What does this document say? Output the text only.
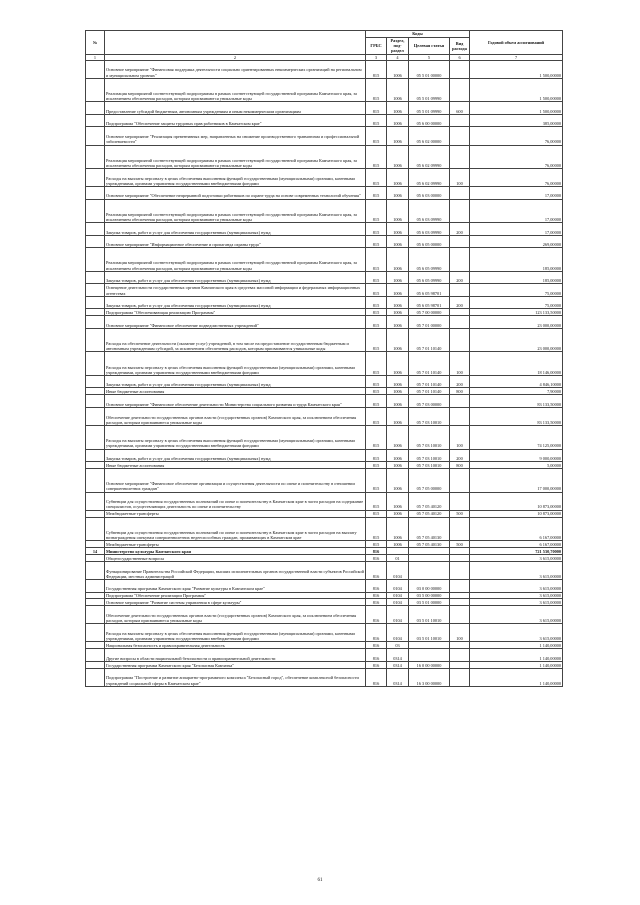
№		Коды				Годовой объем ассигнований
		ГРБС	Раздел, под-раздел	Целевая статья	Вид расхода	
1	2	3	4	5	6	7
	Основное мероприятие "Финансовая поддержка деятельности социально ориентированных некоммерческих организаций на региональном и муниципальном уровнях"	815	1006	05 5 01 00000		1 500,00000
	Реализация мероприятий соответствующей подпрограммы в рамках соответствующей государственной программы Камчатского края, за исключением обеспечения расходов, которым присваиваются уникальные коды	815	1006	05 5 01 09990		1 500,00000
	Предоставление субсидий бюджетным, автономным учреждениям и иным некоммерческим организациям	815	1006	05 5 01 09990	600	1 500,00000
	Подпрограмма "Обеспечение защиты трудовых прав работников в Камчатском крае"	815	1006	05 6 00 00000		385,00000
	Основное мероприятие "Реализация превентивных мер, направленных на снижение производственного травматизма и профессиональной заболеваемости"	815	1006	05 6 02 00000		76,00000
	Реализация мероприятий соответствующей подпрограммы в рамках соответствующей государственной программы Камчатского края, за исключением обеспечения расходов, которым присваиваются уникальные коды	815	1006	05 6 02 09990		76,00000
	Расходы на выплаты персоналу в целях обеспечения выполнения функций государственными (муниципальными) органами, казенными учреждениями, органами управления государственными внебюджетными фондами	815	1006	05 6 02 09990	100	76,00000
	Основное мероприятие "Обеспечение непрерывной подготовки работников по охране труда на основе современных технологий обучения"	815	1006	05 6 03 00000		17,00000
	Реализация мероприятий соответствующей подпрограммы в рамках соответствующей государственной программы Камчатского края, за исключением обеспечения расходов, которым присваиваются уникальные коды	815	1006	05 6 03 09990		17,00000
	Закупка товаров, работ и услуг для обеспечения государственных (муниципальных) нужд	815	1006	05 6 03 09990	200	17,00000
	Основное мероприятие "Информационное обеспечение и пропаганда охраны труда"	815	1006	05 6 05 00000		269,00000
	Реализация мероприятий соответствующей подпрограммы в рамках соответствующей государственной программы Камчатского края, за исключением обеспечения расходов, которым присваиваются уникальные коды	815	1006	05 6 05 09990		185,00000
	Закупка товаров, работ и услуг для обеспечения государственных (муниципальных) нужд	815	1006	05 6 05 09990	200	185,00000
	Освещение деятельности государственных органов Камчатского края в средствах массовой информации и федеральных информационных агентствах	815	1006	05 6 05 98701		75,00000
	Закупка товаров, работ и услуг для обеспечения государственных (муниципальных) нужд	815	1006	05 6 05 98701	200	75,00000
	Подпрограмма "Обеспечивающая реализацию Программы"	815	1006	05 7 00 00000		123 133,50000
	Основное мероприятие "Финансовое обеспечение подведомственных учреждений"	815	1006	05 7 01 00000		23 000,00000
	Расходы на обеспечение деятельности (оказание услуг) учреждений, в том числе на предоставление государственным бюджетным и автономным учреждениям субсидий, за исключением обеспечения расходов, которым присваиваются уникальные коды	815	1006	05 7 01 10140		23 000,00000
	Расходы на выплаты персоналу в целях обеспечения выполнения функций государственными (муниципальными) органами, казенными учреждениями, органами управления государственными внебюджетными фондами	815	1006	05 7 01 10140	100	18 146,00000
	Закупка товаров, работ и услуг для обеспечения государственных (муниципальных) нужд	815	1006	05 7 01 10140	200	4 846,10000
	Иные бюджетные ассигнования	815	1006	05 7 01 10140	800	7,90000
	Основное мероприятие "Финансовое обеспечение деятельности Министерства социального развития и труда Камчатского края"	815	1006	05 7 03 00000		83 133,50000
	Обеспечение деятельности государственных органов власти (государственных органов) Камчатского края, за исключением обеспечения расходов, которым присваиваются уникальные коды	815	1006	05 7 03 10010		83 133,50000
	Расходы на выплаты персоналу в целях обеспечения выполнения функций государственными (муниципальными) органами, казенными учреждениями, органами управления государственными внебюджетными фондами	815	1006	05 7 03 10010	100	74 125,00000
	Закупка товаров, работ и услуг для обеспечения государственных (муниципальных) нужд	815	1006	05 7 03 10010	200	9 000,00000
	Иные бюджетные ассигнования	815	1006	05 7 03 10010	800	5,00000
	Основное мероприятие "Финансовое обеспечение организации и осуществления деятельности по опеке и попечительству в отношении совершеннолетних граждан"	815	1006	05 7 05 00000		17 000,00000
	Субвенции для осуществления государственных полномочий по опеке и попечительству в Камчатском крае в части расходов на содержание специалистов, осуществляющих деятельность по опеке и попечительству	815	1006	05 7 05 40120		10 873,00000
	Межбюджетные трансферты	815	1006	05 7 05 40120	500	10 873,00000
	Субвенции для осуществления государственных полномочий по опеке и попечительству в Камчатском крае в части расходов на выплату вознаграждения опекунам совершеннолетних недееспособных граждан, проживающих в Камчатском крае	815	1006	05 7 05 40130		6 167,00000
	Межбюджетные трансферты	815	1006	05 7 05 40130	500	6 167,00000
14	Министерство культуры Камчатского края	816				721 530,70000
	Общегосударственные вопросы	816	01			3 615,00000
	Функционирование Правительства Российской Федерации, высших исполнительных органов государственной власти субъектов Российской Федерации, местных администраций	816	0104			3 615,00000
	Государственная программа Камчатского края "Развитие культуры в Камчатском крае"	816	0104	03 0 00 00000		3 615,00000
	Подпрограмма "Обеспечение реализации Программы"	816	0104	03 5 00 00000		3 615,00000
	Основное мероприятие "Развитие системы управления в сфере культуры"	816	0104	03 5 01 00000		3 615,00000
	Обеспечение деятельности государственных органов власти (государственных органов) Камчатского края, за исключением обеспечения расходов, которым присваиваются уникальные коды	816	0104	03 5 01 10010		3 615,00000
	Расходы на выплаты персоналу в целях обеспечения выполнения функций государственными (муниципальными) органами, казенными учреждениями, органами управления государственными внебюджетными фондами	816	0104	03 5 01 10010	100	3 615,00000
	Национальная безопасность и правоохранительная деятельность	816	03			1 140,00000
	Другие вопросы в области национальной безопасности и правоохранительной деятельности	816	0314			1 140,00000
	Государственная программа Камчатского края "Безопасная Камчатка"	816	0314	16 0 00 00000		1 140,00000
	Подпрограмма "Построение и развитие аппаратно-программного комплекса "Безопасный город", обеспечение комплексной безопасности учреждений социальной сферы в Камчатском крае"	816	0314	16 3 00 00000		1 140,00000
61
